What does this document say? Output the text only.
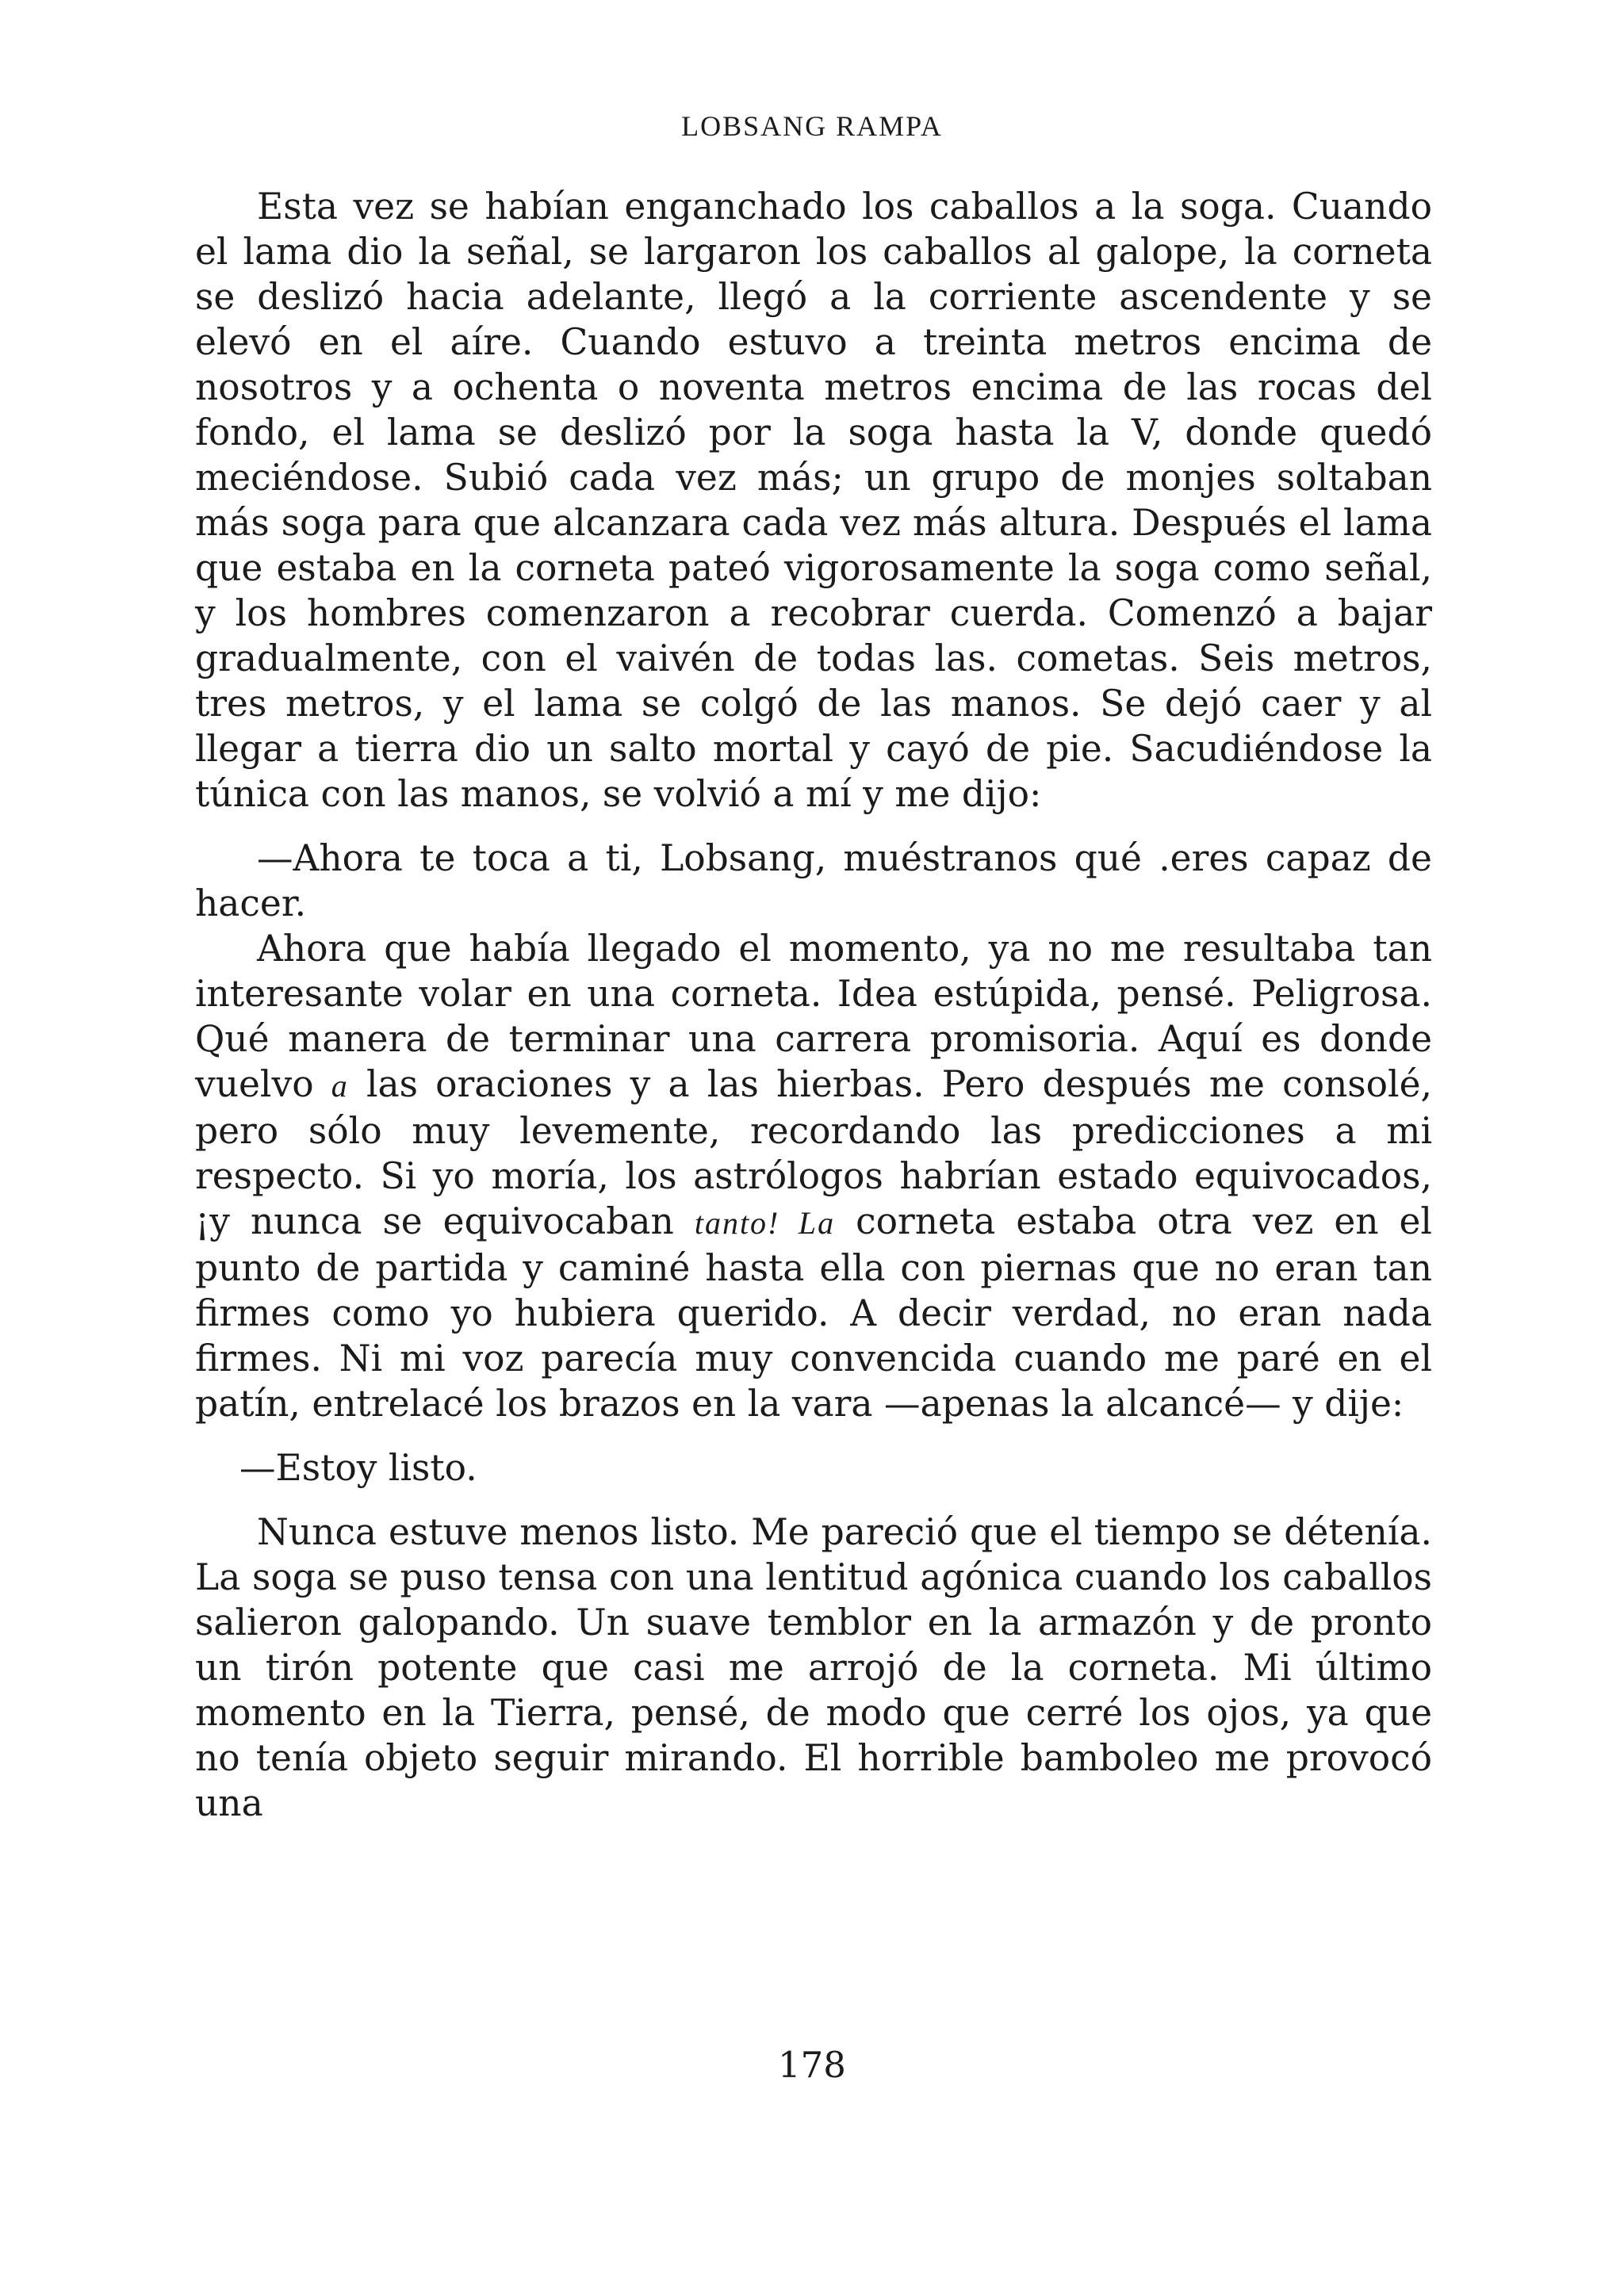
LOBSANG RAMPA

Esta vez se habían enganchado los caballos a la soga. Cuando el lama dio la señal, se largaron los caballos al galope, la corneta se deslizó hacia adelante, llegó a la corriente ascendente y se elevó en el aíre. Cuando estuvo a treinta metros encima de nosotros y a ochenta o noventa metros encima de las rocas del fondo, el lama se deslizó por la soga hasta la V, donde quedó meciéndose. Subió cada vez más; un grupo de monjes soltaban más soga para que alcanzara cada vez más altura. Después el lama que estaba en la corneta pateó vigorosamente la soga como señal, y los hombres comenzaron a recobrar cuerda. Comenzó a bajar gradualmente, con el vaivén de todas las. cometas. Seis metros, tres metros, y el lama se colgó de las manos. Se dejó caer y al llegar a tierra dio un salto mortal y cayó de pie. Sacudiéndose la túnica con las manos, se volvió a mí y me dijo:

—Ahora te toca a ti, Lobsang, muéstranos qué .eres capaz de hacer.

Ahora que había llegado el momento, ya no me resultaba tan interesante volar en una corneta. Idea estúpida, pensé. Peligrosa. Qué manera de terminar una carrera promisoria. Aquí es donde vuelvo a las oraciones y a las hierbas. Pero después me consolé, pero sólo muy levemente, recordando las predicciones a mi respecto. Si yo moría, los astrólogos habrían estado equivocados, ¡y nunca se equivocaban tanto! La corneta estaba otra vez en el punto de partida y caminé hasta ella con piernas que no eran tan firmes como yo hubiera querido. A decir verdad, no eran nada firmes. Ni mi voz parecía muy convencida cuando me paré en el patín, entrelacé los brazos en la vara —apenas la alcancé— y dije:

—Estoy listo.

Nunca estuve menos listo. Me pareció que el tiempo se détenía. La soga se puso tensa con una lentitud agónica cuando los caballos salieron galopando. Un suave temblor en la armazón y de pronto un tirón potente que casi me arrojó de la corneta. Mi último momento en la Tierra, pensé, de modo que cerré los ojos, ya que no tenía objeto seguir mirando. El horrible bamboleo me provocó una

178
